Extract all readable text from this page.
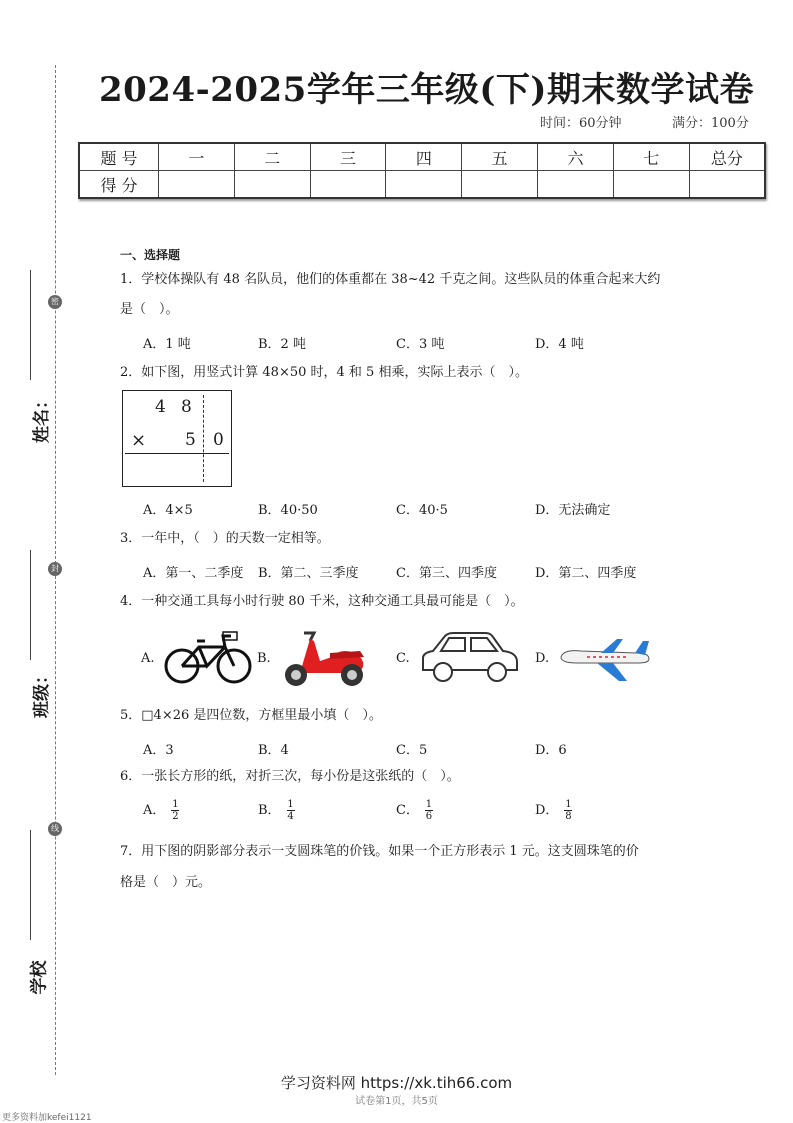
姓名：
班级：
学校
密
封
线
2024-2025学年三年级(下)期末数学试卷
时间：60分钟	满分：100分
题 号	一	二	三	四	五	六	七	总分
得 分								
一、选择题
1．学校体操队有 48 名队员，他们的体重都在 38~42 千克之间。这些队员的体重合起来大约
是（　）。
A．1 吨	B．2 吨	C．3 吨	D．4 吨
2．如下图，用竖式计算 48×50 时，4 和 5 相乘，实际上表示（　）。
4 8
× 5 0
A．4×5	B．40·50	C．40·5	D．无法确定
3．一年中，（　）的天数一定相等。
A．第一、二季度 B．第二、三季度	C．第三、四季度	D．第二、四季度
4．一种交通工具每小时行驶 80 千米，这种交通工具最可能是（　）。
A.	B.	C.	D.
5．□4×26 是四位数，方框里最小填（　）。
A．3	B．4	C．5	D．6
6．一张长方形的纸，对折三次，每小份是这张纸的（　）。
A． $\frac{1}{2}$	B． $\frac{1}{4}$	C． $\frac{1}{6}$	D． $\frac{1}{8}$
7．用下图的阴影部分表示一支圆珠笔的价钱。如果一个正方形表示 1 元。这支圆珠笔的价
格是（　）元。
学习资料网 https://xk.tih66.com
试卷第1页，共5页
更多资料加kefei1121
